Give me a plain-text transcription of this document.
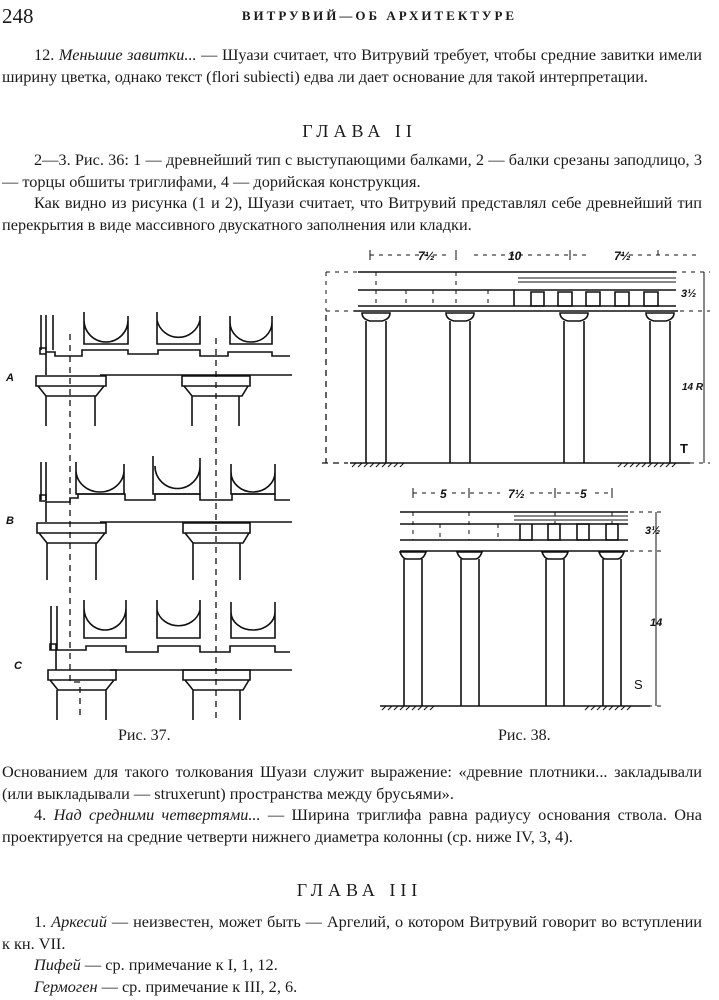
248	ВИТРУВИЙ—ОБ АРХИТЕКТУРЕ

12. Меньшие завитки... — Шуази считает, что Витрувий требует, чтобы средние завитки имели ширину цветка, однако текст (flori subiecti) едва ли дает основание для такой интерпретации.

ГЛАВА II

2—3. Рис. 36: 1 — древнейший тип с выступающими балками, 2 — балки срезаны заподлицо, 3 — торцы обшиты триглифами, 4 — дорийская конструкция.

Как видно из рисунка (1 и 2), Шуази считает, что Витрувий представлял себе древнейший тип перекрытия в виде массивного двускатного заполнения или кладки.

A
B
C
Рис. 37.
7½	10	7½
3½
14 R
T
5	7½	5
3½
14
S
Рис. 38.

Основанием для такого толкования Шуази служит выражение: «древние плотники... закладывали (или выкладывали — struxerunt) пространства между брусьями».

4. Над средними четвертями... — Ширина триглифа равна радиусу основания ствола. Она проектируется на средние четверти нижнего диаметра колонны (ср. ниже IV, 3, 4).

ГЛАВА III

1. Аркесий — неизвестен, может быть — Аргелий, о котором Витрувий говорит во вступлении к кн. VII.

Пифей — ср. примечание к I, 1, 12.

Гермоген — ср. примечание к III, 2, 6.
